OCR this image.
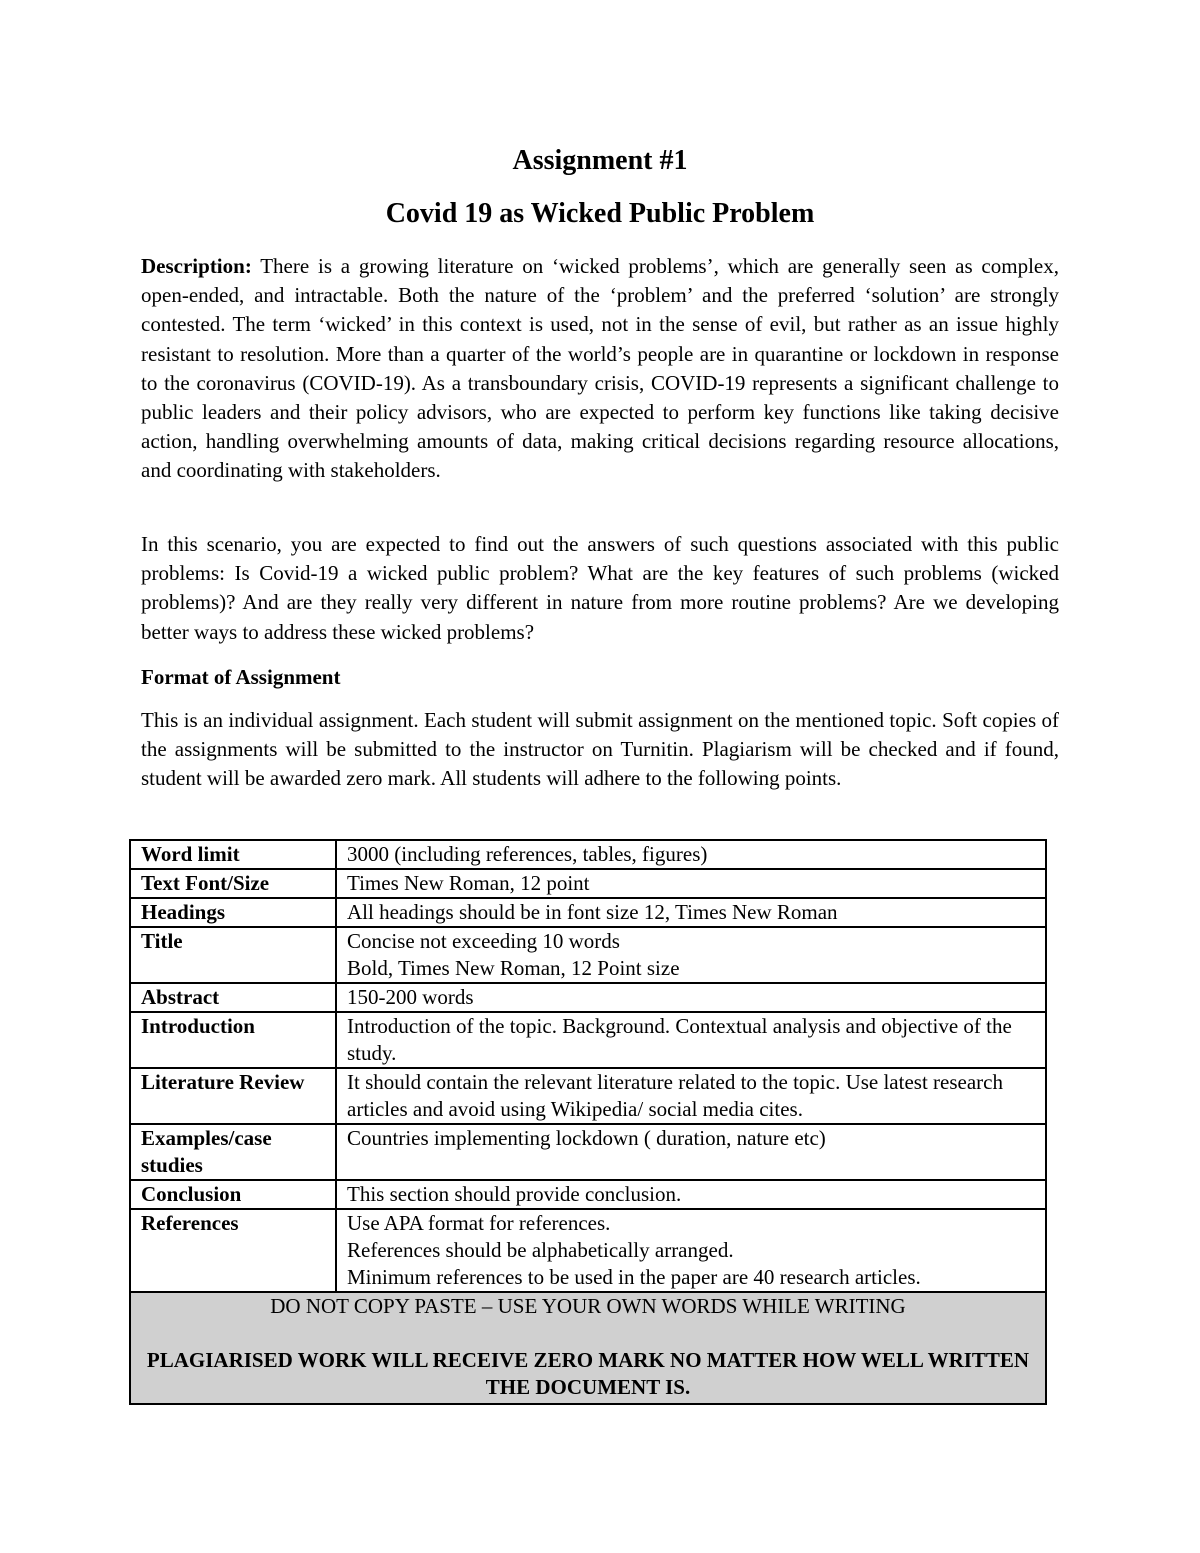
Assignment #1
Covid 19 as Wicked Public Problem

Description: There is a growing literature on ‘wicked problems’, which are generally seen as complex, open-ended, and intractable. Both the nature of the ‘problem’ and the preferred ‘solution’ are strongly contested. The term ‘wicked’ in this context is used, not in the sense of evil, but rather as an issue highly resistant to resolution. More than a quarter of the world’s people are in quarantine or lockdown in response to the coronavirus (COVID-19). As a transboundary crisis, COVID-19 represents a significant challenge to public leaders and their policy advisors, who are expected to perform key functions like taking decisive action, handling overwhelming amounts of data, making critical decisions regarding resource allocations, and coordinating with stakeholders.

In this scenario, you are expected to find out the answers of such questions associated with this public problems: Is Covid-19 a wicked public problem? What are the key features of such problems (wicked problems)? And are they really very different in nature from more routine problems? Are we developing better ways to address these wicked problems?

Format of Assignment

This is an individual assignment. Each student will submit assignment on the mentioned topic. Soft copies of the assignments will be submitted to the instructor on Turnitin. Plagiarism will be checked and if found, student will be awarded zero mark. All students will adhere to the following points.

Word limit	3000 (including references, tables, figures)

Text Font/Size	Times New Roman, 12 point

Headings	All headings should be in font size 12, Times New Roman

Title	Concise not exceeding 10 words
Bold, Times New Roman, 12 Point size

Abstract	150-200 words

Introduction	Introduction of the topic. Background. Contextual analysis and objective of the study.

Literature Review	It should contain the relevant literature related to the topic. Use latest research articles and avoid using Wikipedia/ social media cites.

Examples/case studies	Countries implementing lockdown ( duration, nature etc)

Conclusion	This section should provide conclusion.

References	Use APA format for references.
References should be alphabetically arranged.
Minimum references to be used in the paper are 40 research articles.

DO NOT COPY PASTE – USE YOUR OWN WORDS WHILE WRITING
PLAGIARISED WORK WILL RECEIVE ZERO MARK NO MATTER HOW WELL WRITTEN THE DOCUMENT IS.	
